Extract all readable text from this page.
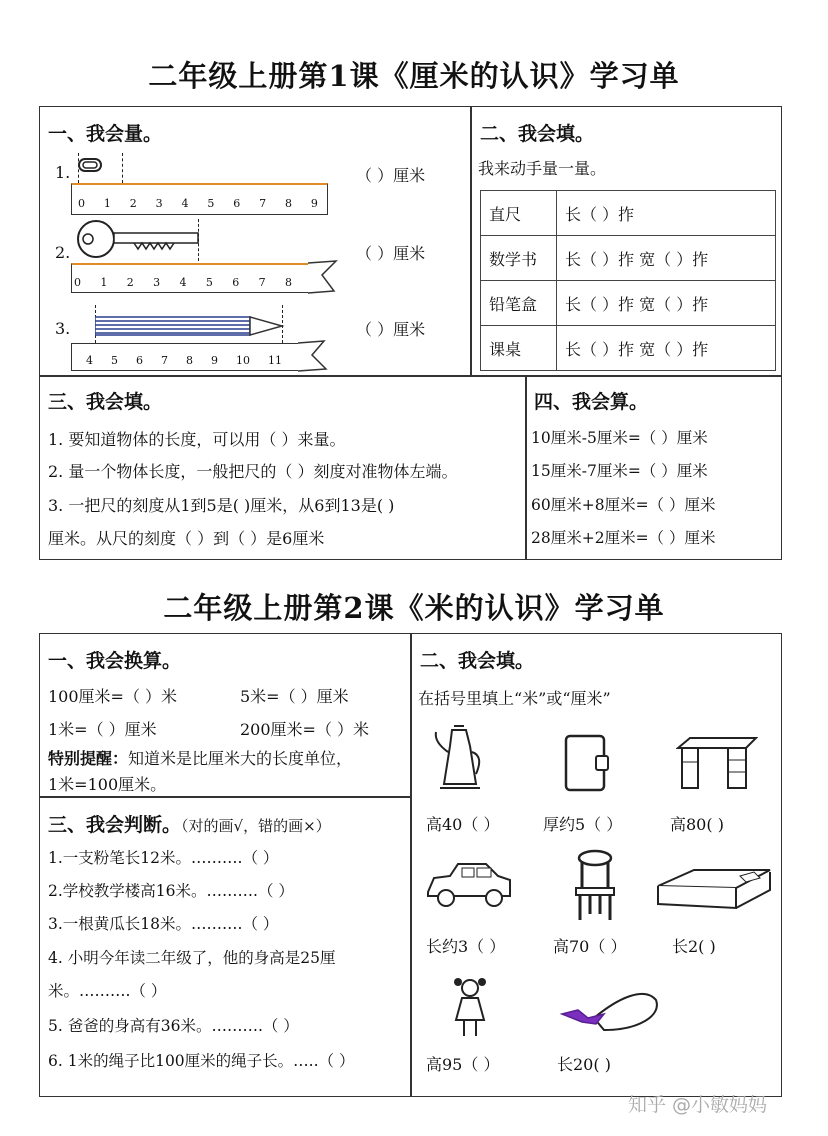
二年级上册第1课《厘米的认识》学习单
一、我会量。
1.
0 1 2 3 4 5 6 7 8 9
（ ）厘米
2.
0 1 2 3 4 5 6 7 8
（ ）厘米
3.
4 5 6 7 8 9 10 11
（ ）厘米
二、我会填。
我来动手量一量。
直尺	长（ ）拃
数学书	长（ ）拃 宽（ ）拃
铅笔盒	长（ ）拃 宽（ ）拃
课桌	长（ ）拃 宽（ ）拃
三、我会填。
1. 要知道物体的长度，可以用（ ）来量。
2. 量一个物体长度，一般把尺的（ ）刻度对准物体左端。
3. 一把尺的刻度从1到5是( )厘米，从6到13是( )
厘米。从尺的刻度（ ）到（ ）是6厘米
四、我会算。
10厘米-5厘米=（ ）厘米
15厘米-7厘米=（ ）厘米
60厘米+8厘米=（ ）厘米
28厘米+2厘米=（ ）厘米
二年级上册第2课《米的认识》学习单
一、我会换算。
100厘米=（ ）米	5米=（ ）厘米
1米=（ ）厘米	200厘米=（ ）米
特别提醒：知道米是比厘米大的长度单位，
1米=100厘米。
三、我会判断。（对的画√，错的画×）
1.一支粉笔长12米。……….（ ）
2.学校教学楼高16米。……….（ ）
3.一根黄瓜长18米。……….（ ）
4. 小明今年读二年级了，他的身高是25厘
米。……….（ ）
5. 爸爸的身高有36米。……….（ ）
6. 1米的绳子比100厘米的绳子长。…..（ ）
二、我会填。
在括号里填上“米”或“厘米”
高40（ ）	厚约5（ ）	高80( )
长约3（ ）	高70（ ）	长2( )
高95（ ）	长20( )
知乎 @小敏妈妈
